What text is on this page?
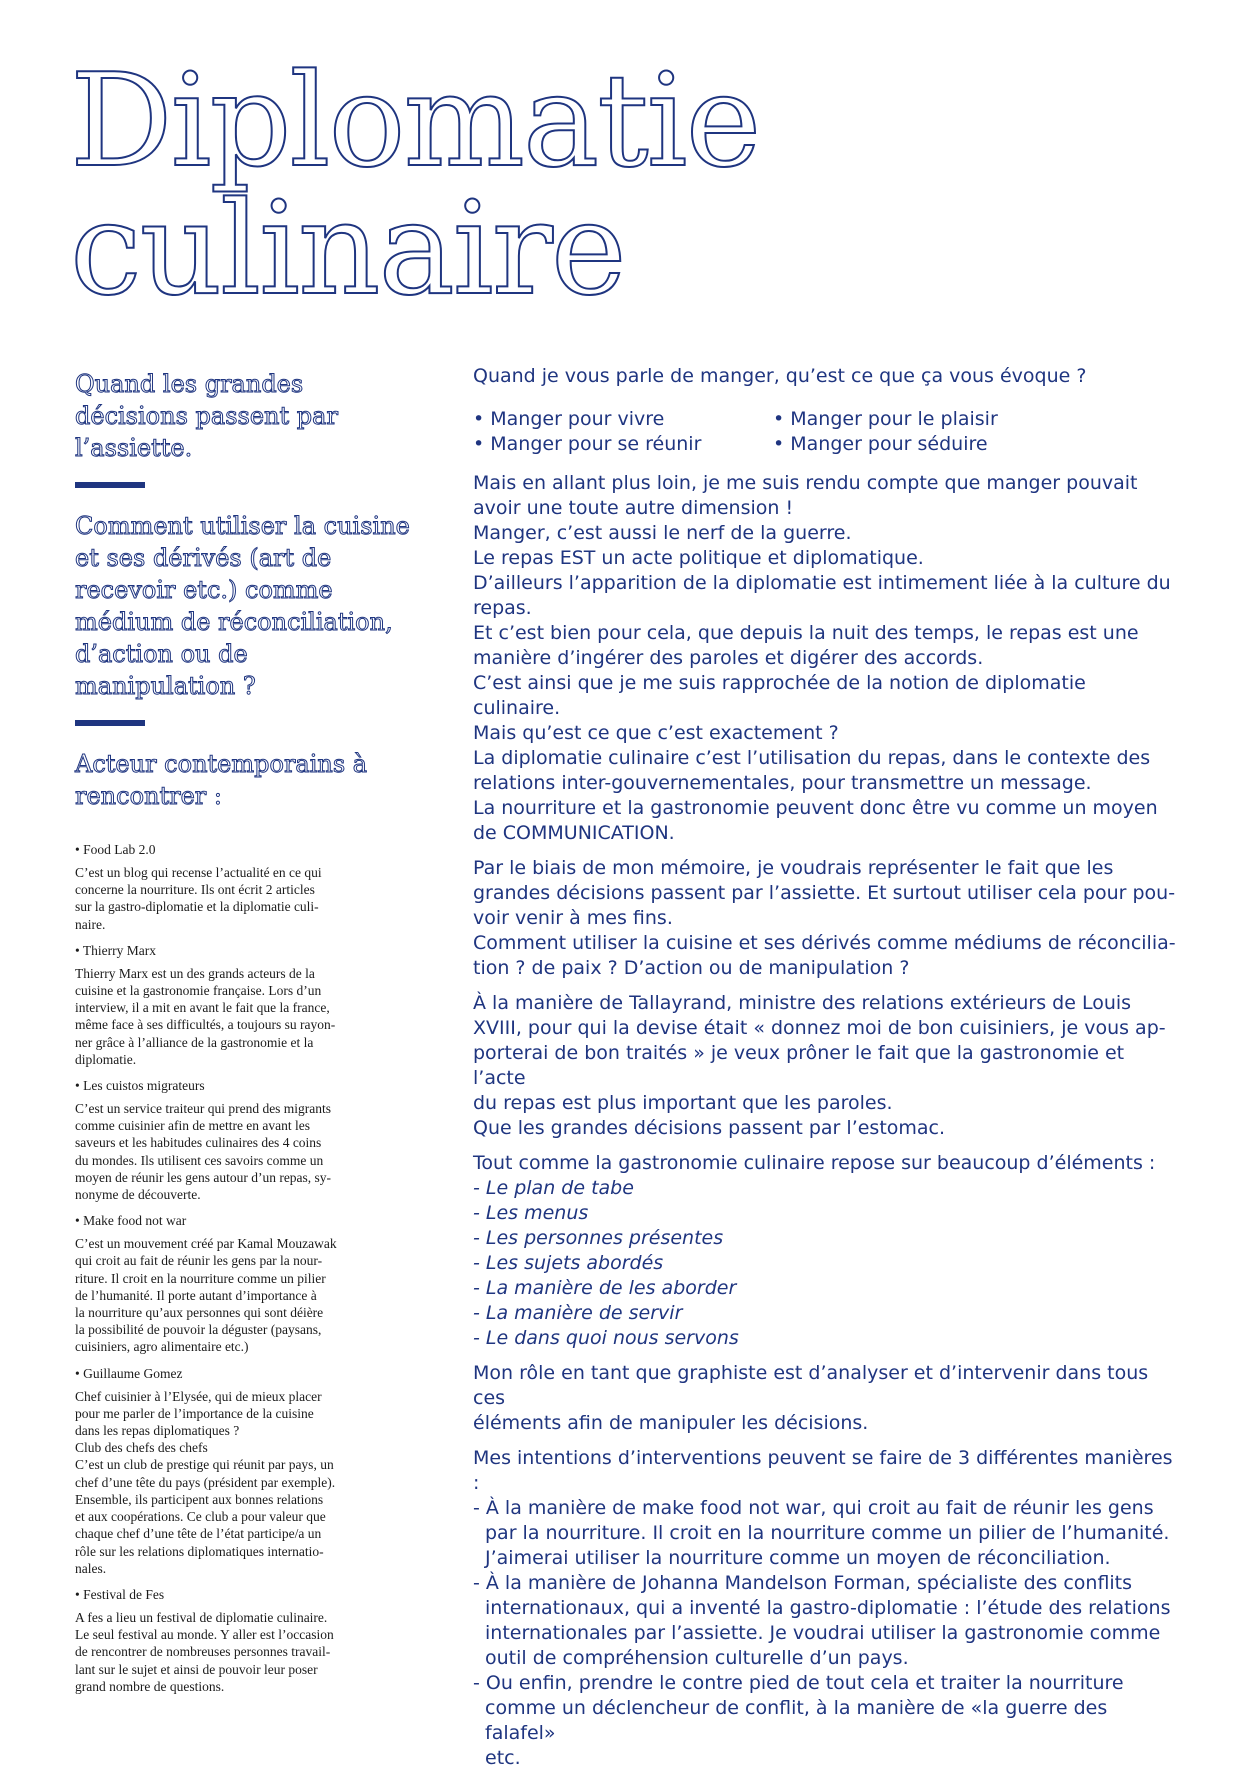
Diplomatie
culinaire

Quand les grandes décisions passent par l’assiette.

Comment utiliser la cuisine et ses dérivés (art de recevoir etc.) comme médium de réconciliation, d’action ou de manipulation ?

Acteur contemporains à rencontrer :

• Food Lab 2.0

C’est un blog qui recense l’actualité en ce qui
concerne la nourriture. Ils ont écrit 2 articles
sur la gastro-diplomatie et la diplomatie culi-
naire.

• Thierry Marx

Thierry Marx est un des grands acteurs de la
cuisine et la gastronomie française. Lors d’un
interview, il a mit en avant le fait que la france,
même face à ses difficultés, a toujours su rayon-
ner grâce à l’alliance de la gastronomie et la
diplomatie.

• Les cuistos migrateurs

C’est un service traiteur qui prend des migrants
comme cuisinier afin de mettre en avant les
saveurs et les habitudes culinaires des 4 coins
du mondes. Ils utilisent ces savoirs comme un
moyen de réunir les gens autour d’un repas, sy-
nonyme de découverte.

• Make food not war

C’est un mouvement créé par Kamal Mouzawak
qui croit au fait de réunir les gens par la nour-
riture. Il croit en la nourriture comme un pilier
de l’humanité. Il porte autant d’importance à
la nourriture qu’aux personnes qui sont déière
la possibilité de pouvoir la déguster (paysans,
cuisiniers, agro alimentaire etc.)

• Guillaume Gomez

Chef cuisinier à l’Elysée, qui de mieux placer
pour me parler de l’importance de la cuisine
dans les repas diplomatiques ?
Club des chefs des chefs
C’est un club de prestige qui réunit par pays, un
chef d’une tête du pays (président par exemple).
Ensemble, ils participent aux bonnes relations
et aux coopérations. Ce club a pour valeur que
chaque chef d’une tête de l’état participe/a un
rôle sur les relations diplomatiques internatio-
nales.

• Festival de Fes

A fes a lieu un festival de diplomatie culinaire.
Le seul festival au monde. Y aller est l’occasion
de rencontrer de nombreuses personnes travail-
lant sur le sujet et ainsi de pouvoir leur poser
grand nombre de questions.

Quand je vous parle de manger, qu’est ce que ça vous évoque ?

• Manger pour vivre	• Manger pour le plaisir
• Manger pour se réunir	• Manger pour séduire

Mais en allant plus loin, je me suis rendu compte que manger pouvait
avoir une toute autre dimension !
Manger, c’est aussi le nerf de la guerre.
Le repas EST un acte politique et diplomatique.
D’ailleurs l’apparition de la diplomatie est intimement liée à la culture du
repas.
Et c’est bien pour cela, que depuis la nuit des temps, le repas est une
manière d’ingérer des paroles et digérer des accords.
C’est ainsi que je me suis rapprochée de la notion de diplomatie culinaire.
Mais qu’est ce que c’est exactement ?
La diplomatie culinaire c’est l’utilisation du repas, dans le contexte des
relations inter-gouvernementales, pour transmettre un message.
La nourriture et la gastronomie peuvent donc être vu comme un moyen
de COMMUNICATION.

Par le biais de mon mémoire, je voudrais représenter le fait que les
grandes décisions passent par l’assiette. Et surtout utiliser cela pour pou-
voir venir à mes fins.
Comment utiliser la cuisine et ses dérivés comme médiums de réconcilia-
tion ? de paix ? D’action ou de manipulation ?

À la manière de Tallayrand, ministre des relations extérieurs de Louis
XVIII, pour qui la devise était « donnez moi de bon cuisiniers, je vous ap-
porterai de bon traités » je veux prôner le fait que la gastronomie et l’acte
du repas est plus important que les paroles.
Que les grandes décisions passent par l’estomac.

Tout comme la gastronomie culinaire repose sur beaucoup d’éléments :

- Le plan de tabe
- Les menus
- Les personnes présentes
- Les sujets abordés
- La manière de les aborder
- La manière de servir
- Le dans quoi nous servons

Mon rôle en tant que graphiste est d’analyser et d’intervenir dans tous ces
éléments afin de manipuler les décisions.

Mes intentions d’interventions peuvent se faire de 3 différentes manières :

- À la manière de make food not war, qui croit au fait de réunir les gens
par la nourriture. Il croit en la nourriture comme un pilier de l’humanité.
J’aimerai utiliser la nourriture comme un moyen de réconciliation.
- À la manière de Johanna Mandelson Forman, spécialiste des conflits
internationaux, qui a inventé la gastro-diplomatie : l’étude des relations
internationales par l’assiette. Je voudrai utiliser la gastronomie comme
outil de compréhension culturelle d’un pays.
- Ou enfin, prendre le contre pied de tout cela et traiter la nourriture
comme un déclencheur de conflit, à la manière de «la guerre des falafel»
etc.
